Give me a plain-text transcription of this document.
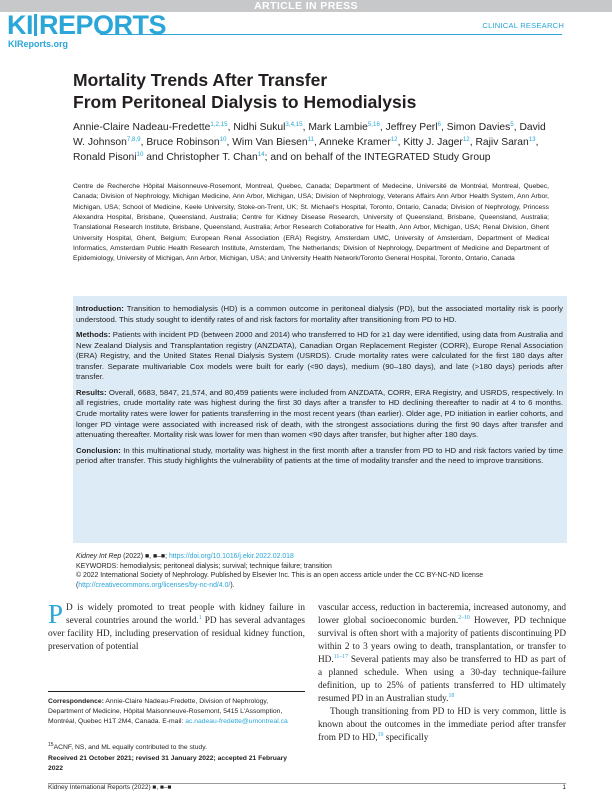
ARTICLE IN PRESS
KI REPORTS
KIReports.org
CLINICAL RESEARCH
Mortality Trends After Transfer
From Peritoneal Dialysis to Hemodialysis
Annie-Claire Nadeau-Fredette$^{1,2,15}$, Nidhi Sukul$^{3,4,15}$, Mark Lambie$^{5,16}$, Jeffrey Perl$^6$, Simon Davies$^5$, David W. Johnson$^{7,8,9}$, Bruce Robinson$^{10}$, Wim Van Biesen$^{11}$, Anneke Kramer$^{12}$, Kitty J. Jager$^{12}$, Rajiv Saran$^{13}$, Ronald Pisoni$^{10}$ and Christopher T. Chan$^{14}$; and on behalf of the INTEGRATED Study Group
Centre de Recherche Hôpital Maisonneuve-Rosemont, Montreal, Quebec, Canada; Department of Medecine, Université de Montréal, Montreal, Quebec, Canada; Division of Nephrology, Michigan Medicine, Ann Arbor, Michigan, USA; Division of Nephrology, Veterans Affairs Ann Arbor Health System, Ann Arbor, Michigan, USA; School of Medicine, Keele University, Stoke-on-Trent, UK; St. Michael's Hospital, Toronto, Ontario, Canada; Division of Nephrology, Princess Alexandra Hospital, Brisbane, Queensland, Australia; Centre for Kidney Disease Research, University of Queensland, Brisbane, Queensland, Australia; Translational Research Institute, Brisbane, Queensland, Australia; Arbor Research Collaborative for Health, Ann Arbor, Michigan, USA; Renal Division, Ghent University Hospital, Ghent, Belgium; European Renal Association (ERA) Registry, Amsterdam UMC, University of Amsterdam, Department of Medical Informatics, Amsterdam Public Health Research Institute, Amsterdam, The Netherlands; Division of Nephrology, Department of Medicine and Department of Epidemiology, University of Michigan, Ann Arbor, Michigan, USA; and University Health Network/Toronto General Hospital, Toronto, Ontario, Canada

Introduction: Transition to hemodialysis (HD) is a common outcome in peritoneal dialysis (PD), but the associated mortality risk is poorly understood. This study sought to identify rates of and risk factors for mortality after transitioning from PD to HD.

Methods: Patients with incident PD (between 2000 and 2014) who transferred to HD for ≥1 day were identified, using data from Australia and New Zealand Dialysis and Transplantation registry (ANZDATA), Canadian Organ Replacement Register (CORR), Europe Renal Association (ERA) Registry, and the United States Renal Dialysis System (USRDS). Crude mortality rates were calculated for the first 180 days after transfer. Separate multivariable Cox models were built for early (<90 days), medium (90–180 days), and late (>180 days) periods after transfer.

Results: Overall, 6683, 5847, 21,574, and 80,459 patients were included from ANZDATA, CORR, ERA Registry, and USRDS, respectively. In all registries, crude mortality rate was highest during the first 30 days after a transfer to HD declining thereafter to nadir at 4 to 6 months. Crude mortality rates were lower for patients transferring in the most recent years (than earlier). Older age, PD initiation in earlier cohorts, and longer PD vintage were associated with increased risk of death, with the strongest associations during the first 90 days after transfer and attenuating thereafter. Mortality risk was lower for men than women <90 days after transfer, but higher after 180 days.

Conclusion: In this multinational study, mortality was highest in the first month after a transfer from PD to HD and risk factors varied by time period after transfer. This study highlights the vulnerability of patients at the time of modality transfer and the need to improve transitions.

Kidney Int Rep (2022) ■, ■–■; https://doi.org/10.1016/j.ekir.2022.02.018
KEYWORDS: hemodialysis; peritoneal dialysis; survival; technique failure; transition
© 2022 International Society of Nephrology. Published by Elsevier Inc. This is an open access article under the CC BY-NC-ND license (http://creativecommons.org/licenses/by-nc-nd/4.0/).
P D is widely promoted to treat people with kidney failure in several countries around the world.$^1$ PD has several advantages over facility HD, including preservation of residual kidney function, preservation of potential
Correspondence: Annie-Claire Nadeau-Fredette, Division of Nephrology, Department of Medicine, Hôpital Maisonneuve-Rosemont, 5415 L'Assomption, Montréal, Quebec H1T 2M4, Canada. E-mail: ac.nadeau-fredette@umontreal.ca
$^{15}$ACNF, NS, and ML equally contributed to the study.
Received 21 October 2021; revised 31 January 2022; accepted 21 February 2022
vascular access, reduction in bacteremia, increased autonomy, and lower global socioeconomic burden.$^{2-10}$ However, PD technique survival is often short with a majority of patients discontinuing PD within 2 to 3 years owing to death, transplantation, or transfer to HD.$^{11-17}$ Several patients may also be transferred to HD as part of a planned schedule. When using a 30-day technique-failure definition, up to 25% of patients transferred to HD ultimately resumed PD in an Australian study.$^{18}$
Though transitioning from PD to HD is very common, little is known about the outcomes in the immediate period after transfer from PD to HD,$^{19}$ specifically
Kidney International Reports (2022) ■, ■–■	1
